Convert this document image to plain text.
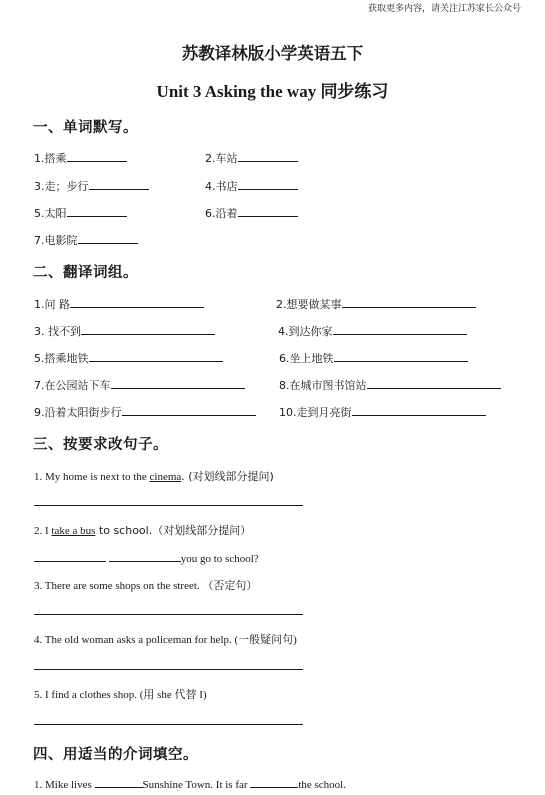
获取更多内容，请关注江苏家长公众号
苏教译林版小学英语五下
Unit 3 Asking the way 同步练习
一、单词默写。
1.搭乘	2.车站
3.走；步行	4.书店
5.太阳	6.沿着
7.电影院
二、翻译词组。
1.问 路	2.想要做某事
3. 找不到	4.到达你家
5.搭乘地铁	6.坐上地铁
7.在公园站下车	8.在城市图书馆站
9.沿着太阳街步行	10.走到月亮街
三、按要求改句子。
1. My home is next to the cinema. (对划线部分提问)
2. I take a bus to school.（对划线部分提问）
you go to school?
3. There are some shops on the street. （否定句）
4. The old woman asks a policeman for help. (一般疑问句)
5. I find a clothes shop. (用 she 代替 I)
四、用适当的介词填空。
1. Mike lives	Sunshine Town. It is far	the school.
